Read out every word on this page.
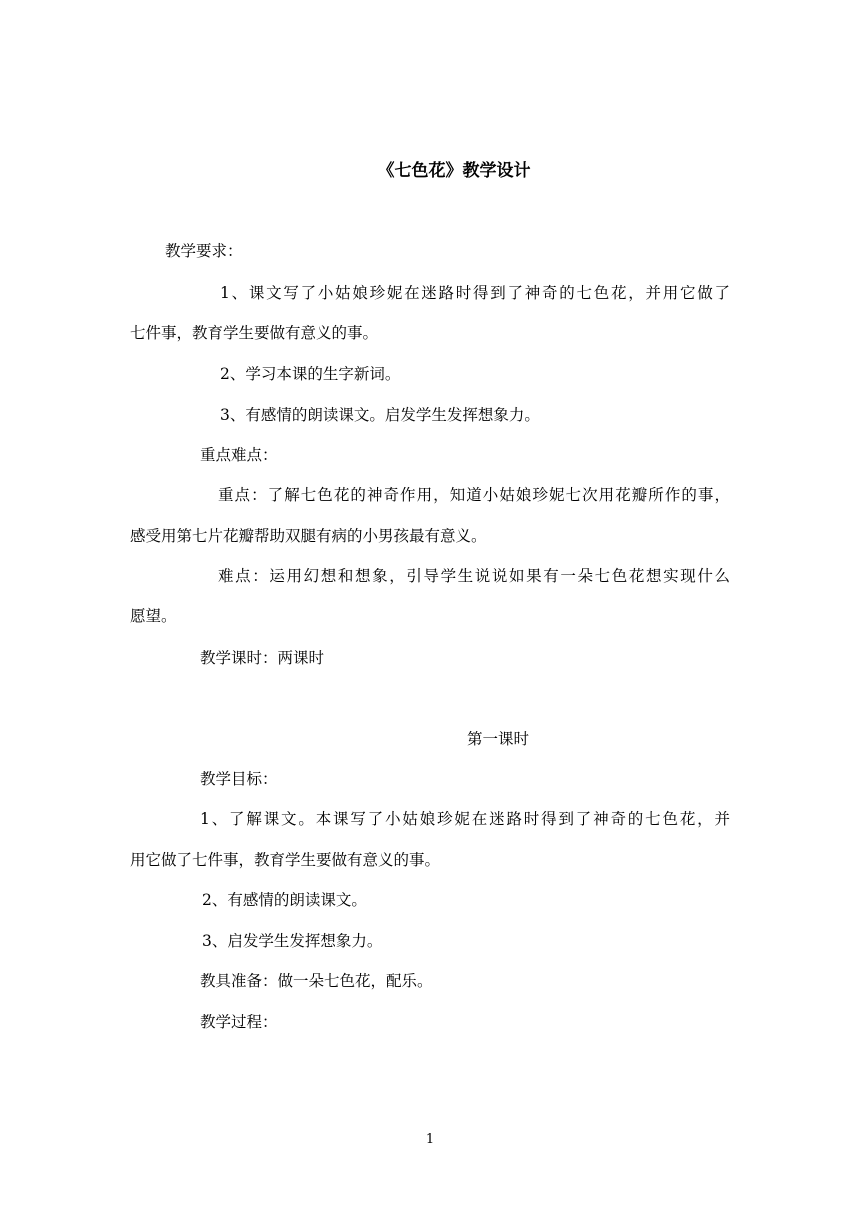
《七色花》教学设计
教学要求：
1、课文写了小姑娘珍妮在迷路时得到了神奇的七色花，并用它做了
七件事，教育学生要做有意义的事。
2、学习本课的生字新词。
3、有感情的朗读课文。启发学生发挥想象力。
重点难点：
重点：了解七色花的神奇作用，知道小姑娘珍妮七次用花瓣所作的事，
感受用第七片花瓣帮助双腿有病的小男孩最有意义。
难点：运用幻想和想象，引导学生说说如果有一朵七色花想实现什么
愿望。
教学课时：两课时
第一课时
教学目标：
1、了解课文。本课写了小姑娘珍妮在迷路时得到了神奇的七色花，并
用它做了七件事，教育学生要做有意义的事。
2、有感情的朗读课文。
3、启发学生发挥想象力。
教具准备：做一朵七色花，配乐。
教学过程：
1
